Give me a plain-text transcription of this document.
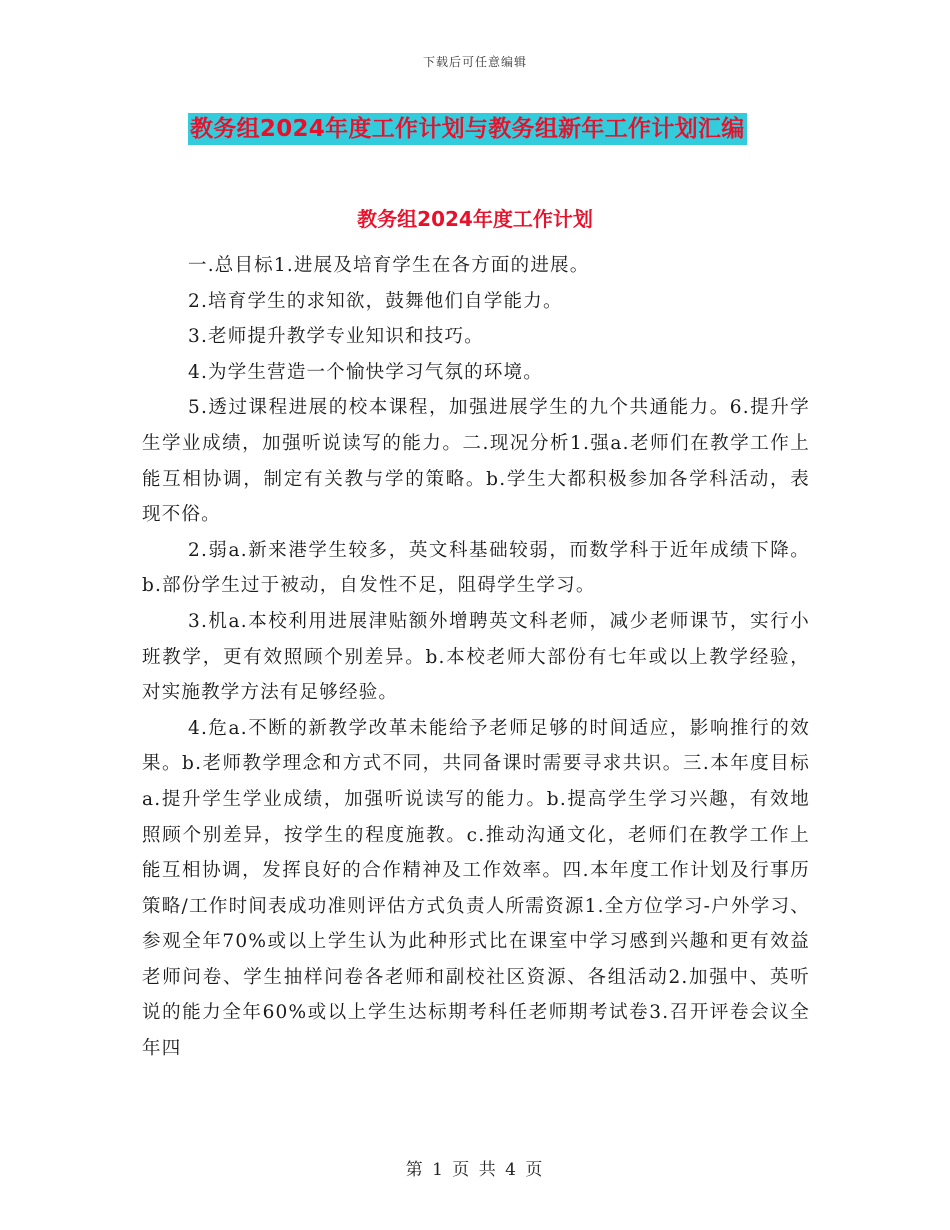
下载后可任意编辑
教务组2024年度工作计划与教务组新年工作计划汇编
教务组2024年度工作计划

一.总目标1.进展及培育学生在各方面的进展。

2.培育学生的求知欲，鼓舞他们自学能力。

3.老师提升教学专业知识和技巧。

4.为学生营造一个愉快学习气氛的环境。

5.透过课程进展的校本课程，加强进展学生的九个共通能力。6.提升学生学业成绩，加强听说读写的能力。二.现况分析1.强a.老师们在教学工作上能互相协调，制定有关教与学的策略。b.学生大都积极参加各学科活动，表现不俗。

2.弱a.新来港学生较多，英文科基础较弱，而数学科于近年成绩下降。b.部份学生过于被动，自发性不足，阻碍学生学习。

3.机a.本校利用进展津贴额外增聘英文科老师，减少老师课节，实行小班教学，更有效照顾个别差异。b.本校老师大部份有七年或以上教学经验，对实施教学方法有足够经验。

4.危a.不断的新教学改革未能给予老师足够的时间适应，影响推行的效果。b.老师教学理念和方式不同，共同备课时需要寻求共识。三.本年度目标a.提升学生学业成绩，加强听说读写的能力。b.提高学生学习兴趣，有效地照顾个别差异，按学生的程度施教。c.推动沟通文化，老师们在教学工作上能互相协调，发挥良好的合作精神及工作效率。四.本年度工作计划及行事历策略/工作时间表成功准则评估方式负责人所需资源1.全方位学习-户外学习、参观全年70%或以上学生认为此种形式比在课室中学习感到兴趣和更有效益老师问卷、学生抽样问卷各老师和副校社区资源、各组活动2.加强中、英听说的能力全年60%或以上学生达标期考科任老师期考试卷3.召开评卷会议全年四

第 1 页 共 4 页
